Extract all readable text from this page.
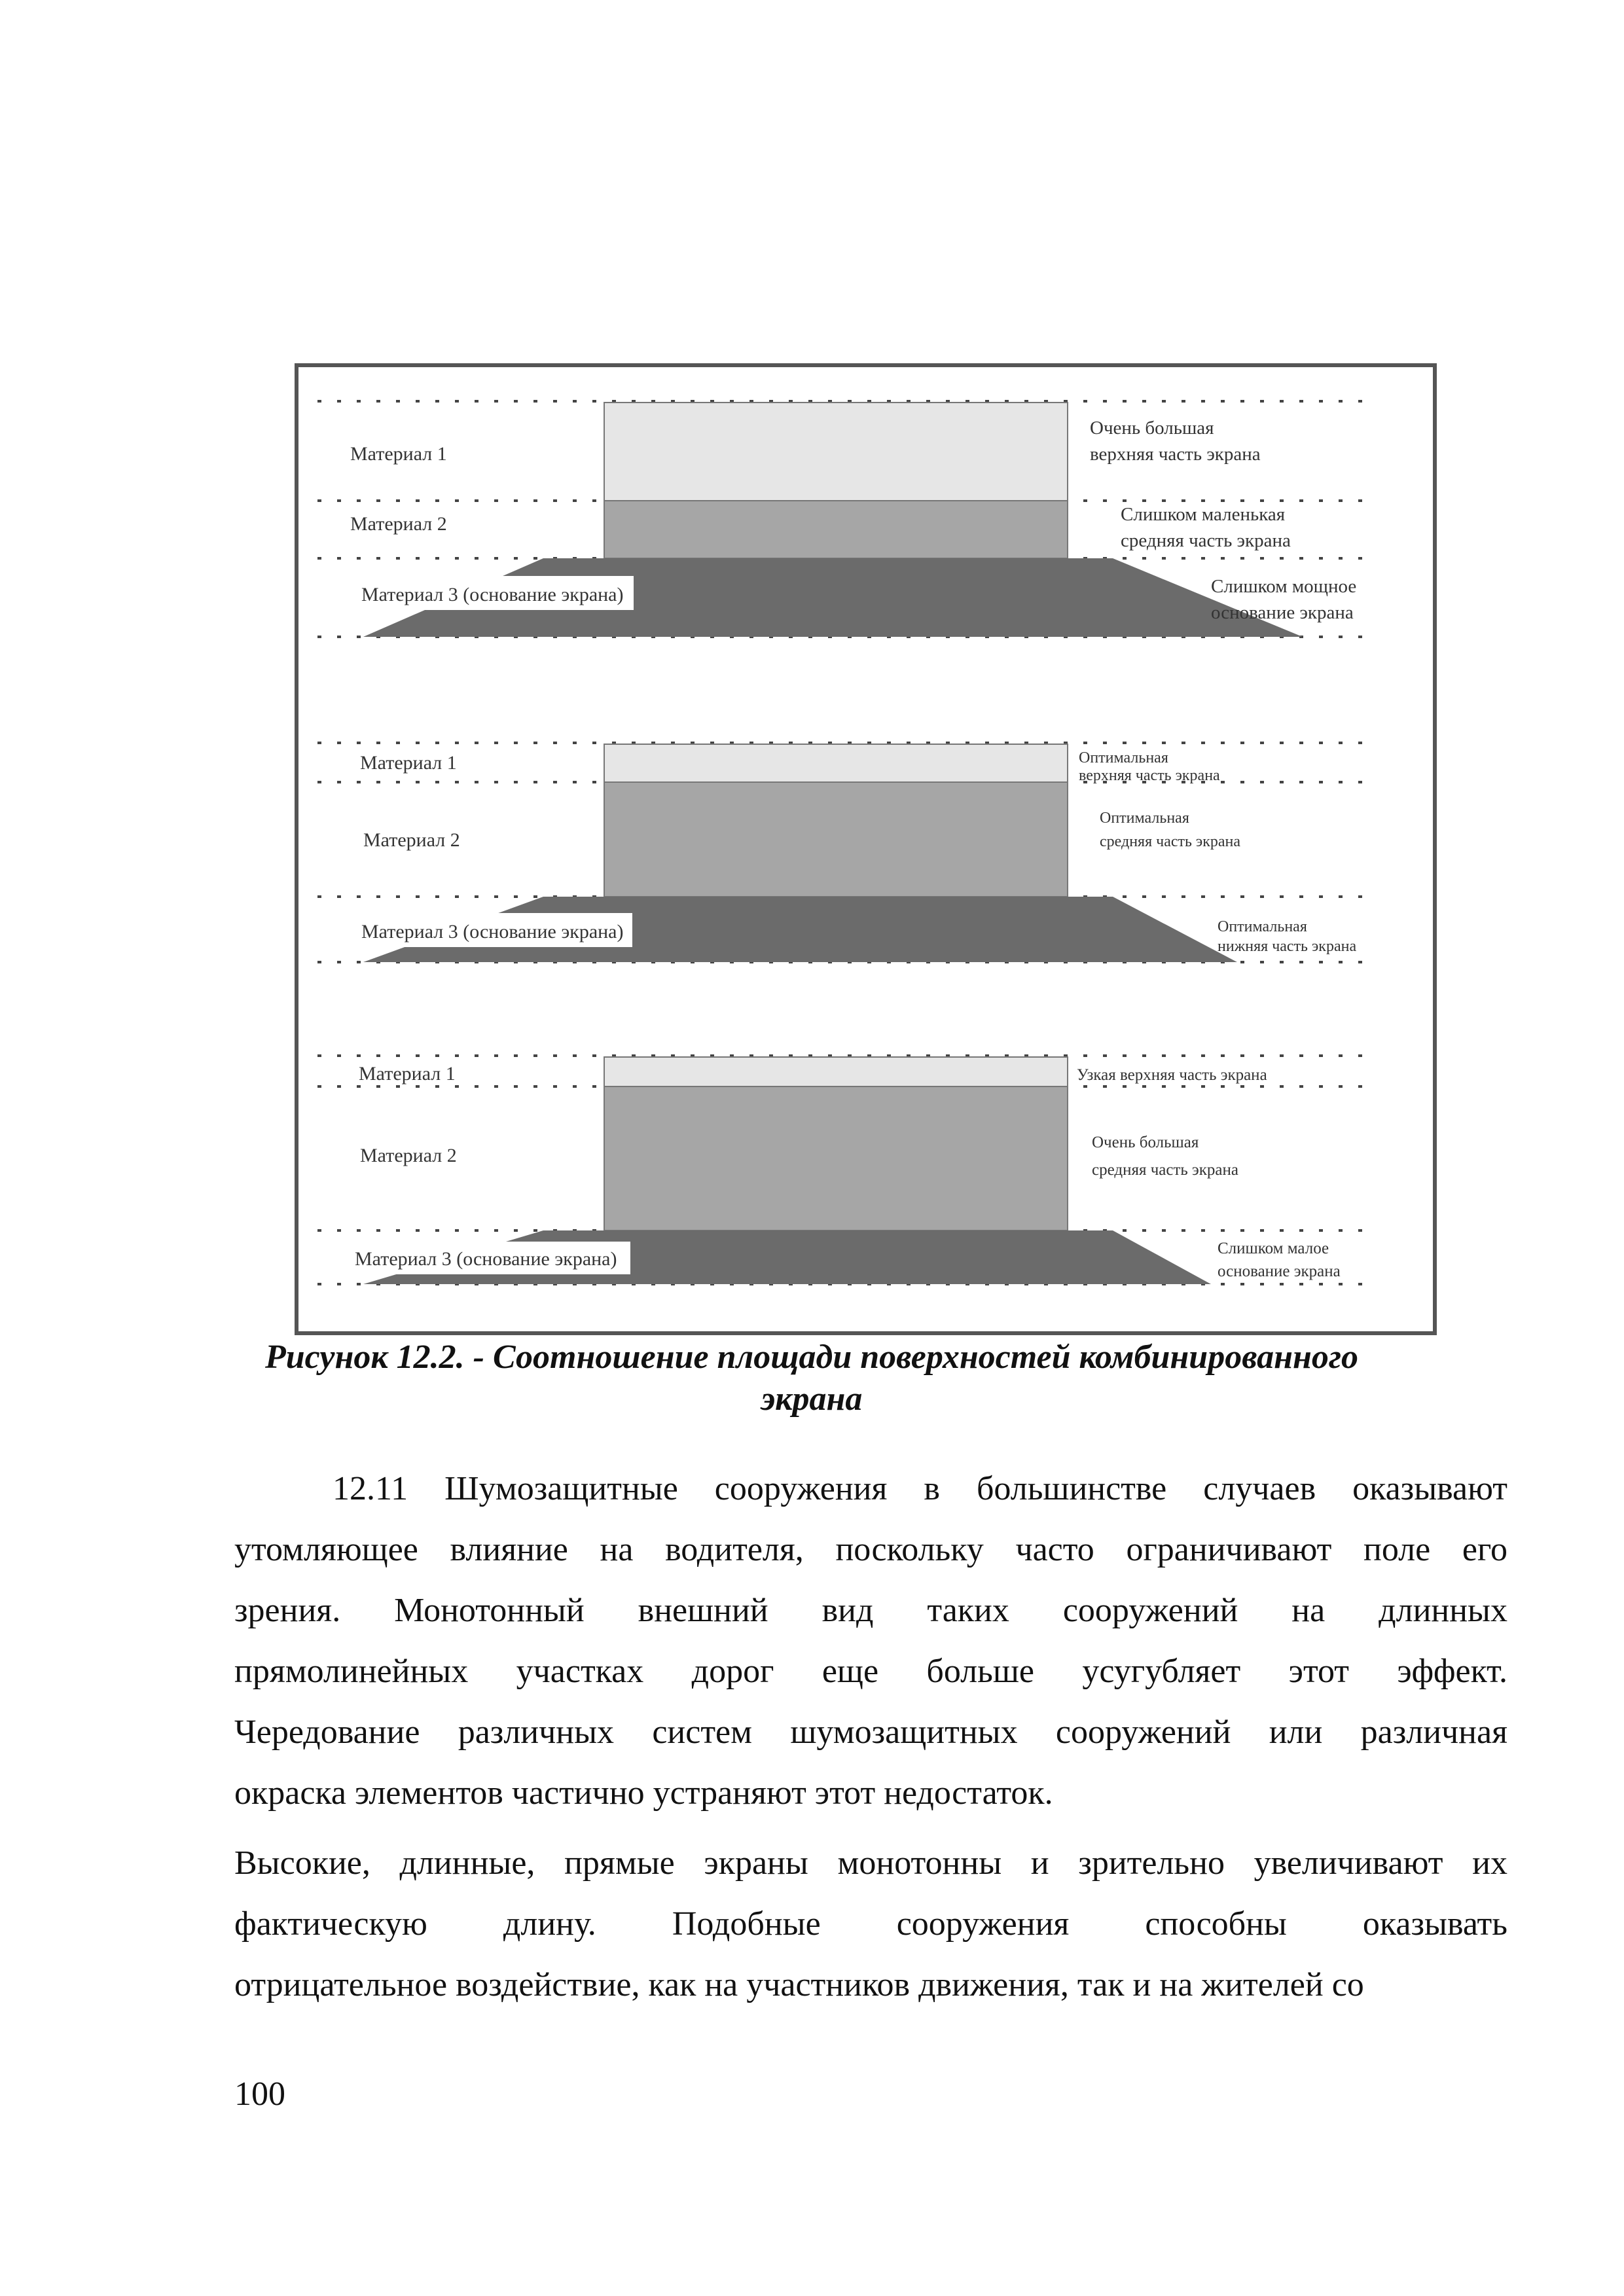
Материал 1
Материал 2
Материал 3 (основание экрана)
Очень большая
верхняя часть экрана
Слишком маленькая
средняя часть экрана
Слишком мощное
основание экрана
Материал 1
Материал 2
Материал 3 (основание экрана)
Оптимальная
верхняя часть экрана
Оптимальная
средняя часть экрана
Оптимальная
нижняя часть экрана
Материал 1
Материал 2
Материал 3 (основание экрана)
Узкая верхняя часть экрана
Очень большая
средняя часть экрана
Слишком малое
основание экрана
Рисунок 12.2. - Соотношение площади поверхностей комбинированного
экрана
12.11 Шумозащитные сооружения в большинстве случаев оказывают
утомляющее влияние на водителя, поскольку часто ограничивают поле его
зрения. Монотонный внешний вид таких сооружений на длинных
прямолинейных участках дорог еще больше усугубляет этот эффект.
Чередование различных систем шумозащитных сооружений или различная
окраска элементов частично устраняют этот недостаток.
Высокие, длинные, прямые экраны монотонны и зрительно увеличивают их
фактическую длину. Подобные сооружения способны оказывать
отрицательное воздействие, как на участников движения, так и на жителей со
100
